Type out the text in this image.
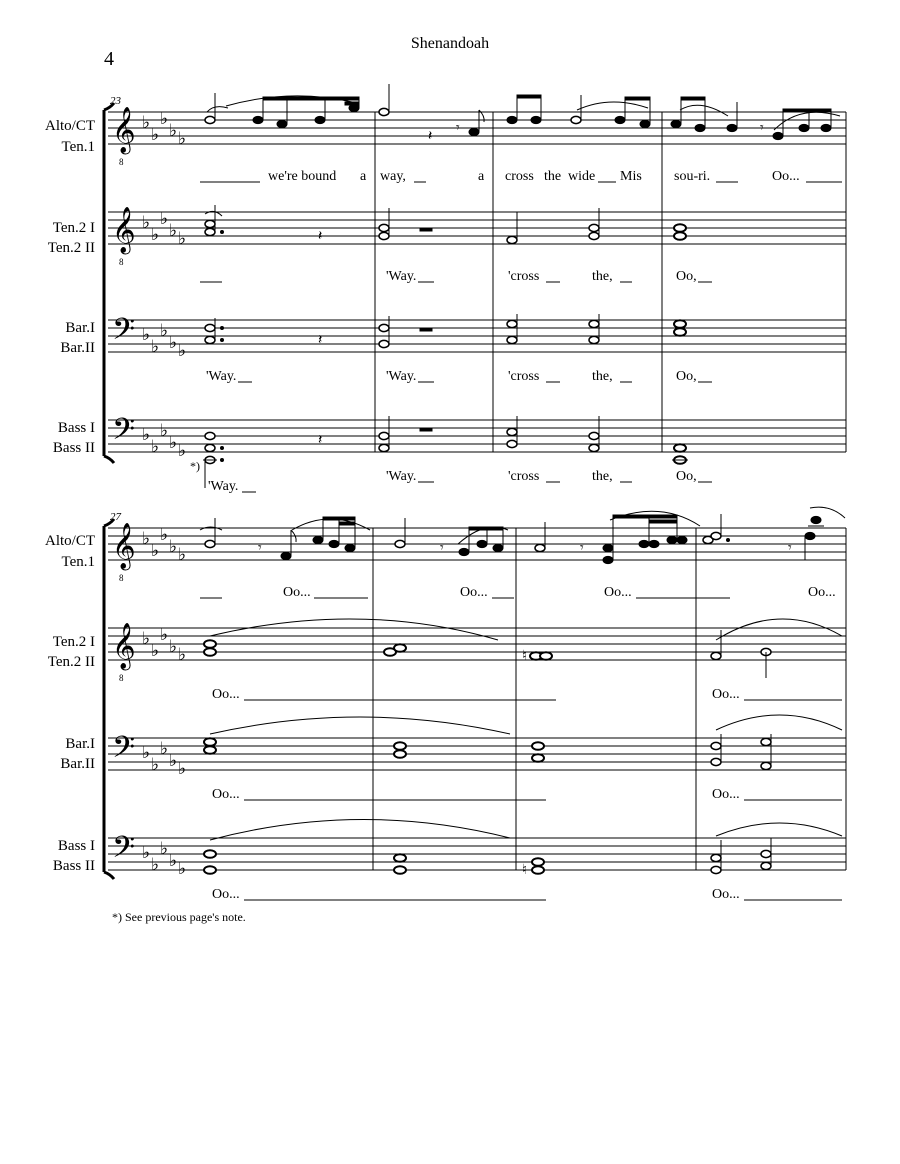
4
Shenandoah
23
Alto/CT
Ten.1
Ten.2 I
Ten.2 II
Bar.I
Bar.II
Bass I
Bass II
𝄞
8
𝄞
8
𝄢
𝄢
♭
♭
♭
♭ ♭
♭
♭
♭
♭ ♭
♭
♭
♭
♭ ♭
♭
♭
♭
♭ ♭
𝄽
𝄾	𝄾
we're bound a way,	a cross the wide Mis sou-ri.	Oo...
𝄽
'Way.	'cross	the,	Oo,
𝄽
'Way.	'Way.	'cross	the,	Oo,
*)
𝄽
'Way.
'Way.	'cross	the,	Oo,
27
Alto/CT
Ten.1
Ten.2 I
Ten.2 II
Bar.I
Bar.II
Bass I
Bass II
𝄞
8
𝄞
8
𝄢
𝄢
♭
♭
♭
♭ ♭
♭
♭
♭
♭ ♭
♭
♭
♭
♭ ♭
♭
♭
♭
♭ ♭
𝄾	𝄾	𝄾	𝄾
Oo...	Oo...	Oo...	Oo...
♮
Oo...	Oo...
Oo...	Oo...
♮
Oo...	Oo...
*) See previous page's note.
